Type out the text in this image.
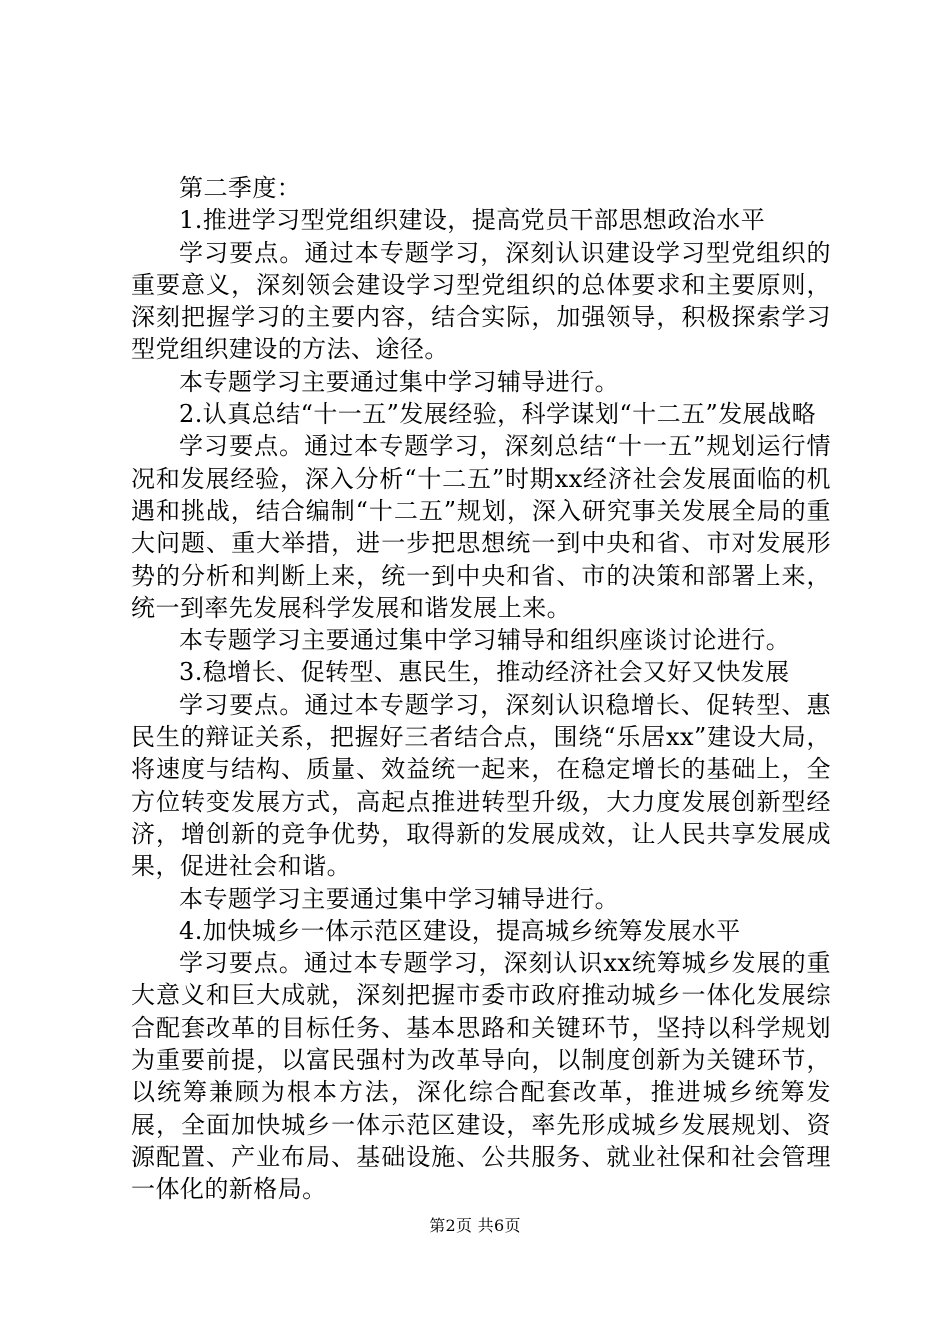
第二季度：

1.推进学习型党组织建设，提高党员干部思想政治水平

学习要点。通过本专题学习，深刻认识建设学习型党组织的重要意义，深刻领会建设学习型党组织的总体要求和主要原则，深刻把握学习的主要内容，结合实际，加强领导，积极探索学习型党组织建设的方法、途径。

本专题学习主要通过集中学习辅导进行。

2.认真总结“十一五”发展经验，科学谋划“十二五”发展战略

学习要点。通过本专题学习，深刻总结“十一五”规划运行情况和发展经验，深入分析“十二五”时期xx经济社会发展面临的机遇和挑战，结合编制“十二五”规划，深入研究事关发展全局的重大问题、重大举措，进一步把思想统一到中央和省、市对发展形势的分析和判断上来，统一到中央和省、市的决策和部署上来，统一到率先发展科学发展和谐发展上来。

本专题学习主要通过集中学习辅导和组织座谈讨论进行。

3.稳增长、促转型、惠民生，推动经济社会又好又快发展

学习要点。通过本专题学习，深刻认识稳增长、促转型、惠民生的辩证关系，把握好三者结合点，围绕“乐居xx”建设大局，将速度与结构、质量、效益统一起来，在稳定增长的基础上，全方位转变发展方式，高起点推进转型升级，大力度发展创新型经济，增创新的竞争优势，取得新的发展成效，让人民共享发展成果，促进社会和谐。

本专题学习主要通过集中学习辅导进行。

4.加快城乡一体示范区建设，提高城乡统筹发展水平

学习要点。通过本专题学习，深刻认识xx统筹城乡发展的重大意义和巨大成就，深刻把握市委市政府推动城乡一体化发展综合配套改革的目标任务、基本思路和关键环节，坚持以科学规划为重要前提，以富民强村为改革导向，以制度创新为关键环节，以统筹兼顾为根本方法，深化综合配套改革，推进城乡统筹发展，全面加快城乡一体示范区建设，率先形成城乡发展规划、资源配置、产业布局、基础设施、公共服务、就业社保和社会管理一体化的新格局。

第2页 共6页
